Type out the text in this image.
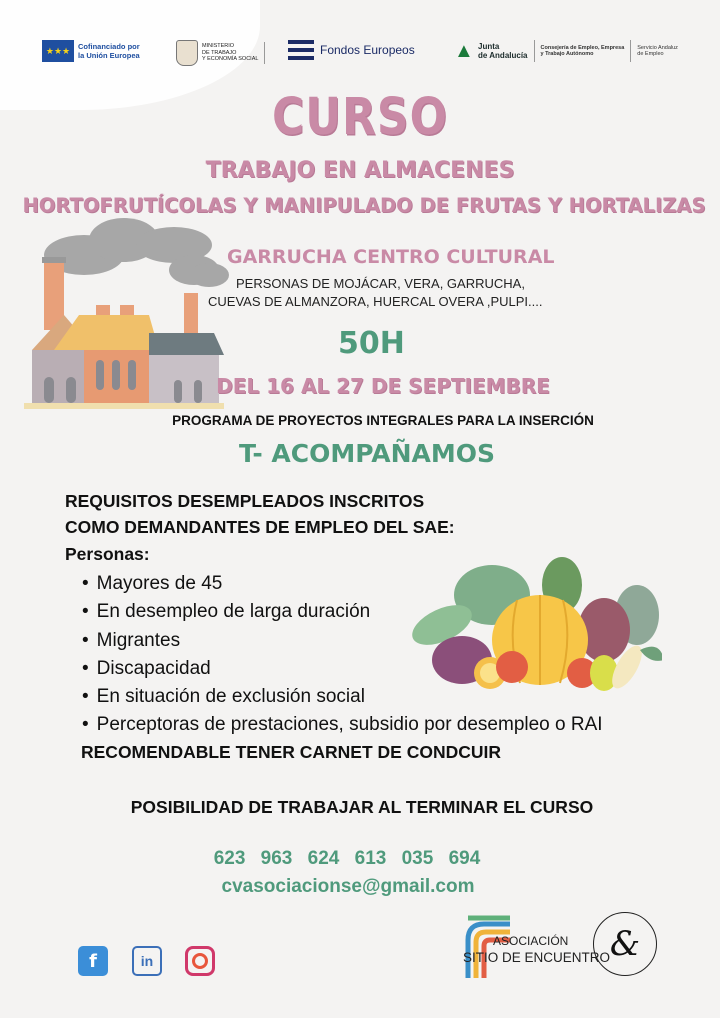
★★★	Cofinanciado por
la Unión Europea
MINISTERIO
DE TRABAJO
Y ECONOMÍA SOCIAL
Fondos Europeos ▲ Junta
de Andalucía
Consejería de Empleo, Empresa
y Trabajo Autónomo
Servicio Andaluz
de Empleo
CURSO
TRABAJO EN ALMACENES
HORTOFRUTÍCOLAS Y MANIPULADO DE FRUTAS Y HORTALIZAS
GARRUCHA CENTRO CULTURAL
PERSONAS DE MOJÁCAR, VERA, GARRUCHA,
CUEVAS DE ALMANZORA, HUERCAL OVERA ,PULPI....
50H
DEL 16 AL 27 DE SEPTIEMBRE
PROGRAMA DE PROYECTOS INTEGRALES PARA LA INSERCIÓN
T- ACOMPAÑAMOS
REQUISITOS DESEMPLEADOS INSCRITOS
COMO DEMANDANTES DE EMPLEO DEL SAE:
Personas:
• Mayores de 45
• En desempleo de larga duración
• Migrantes
• Discapacidad
• En situación de exclusión social
• Perceptoras de prestaciones, subsidio por desempleo o RAI
RECOMENDABLE TENER CARNET DE CONDCUIR
POSIBILIDAD DE TRABAJAR AL TERMINAR EL CURSO
623 963 624 613 035 694
cvasociacionse@gmail.com
f	in
ASOCIACIÓN
SITIO DE ENCUENTRO &
